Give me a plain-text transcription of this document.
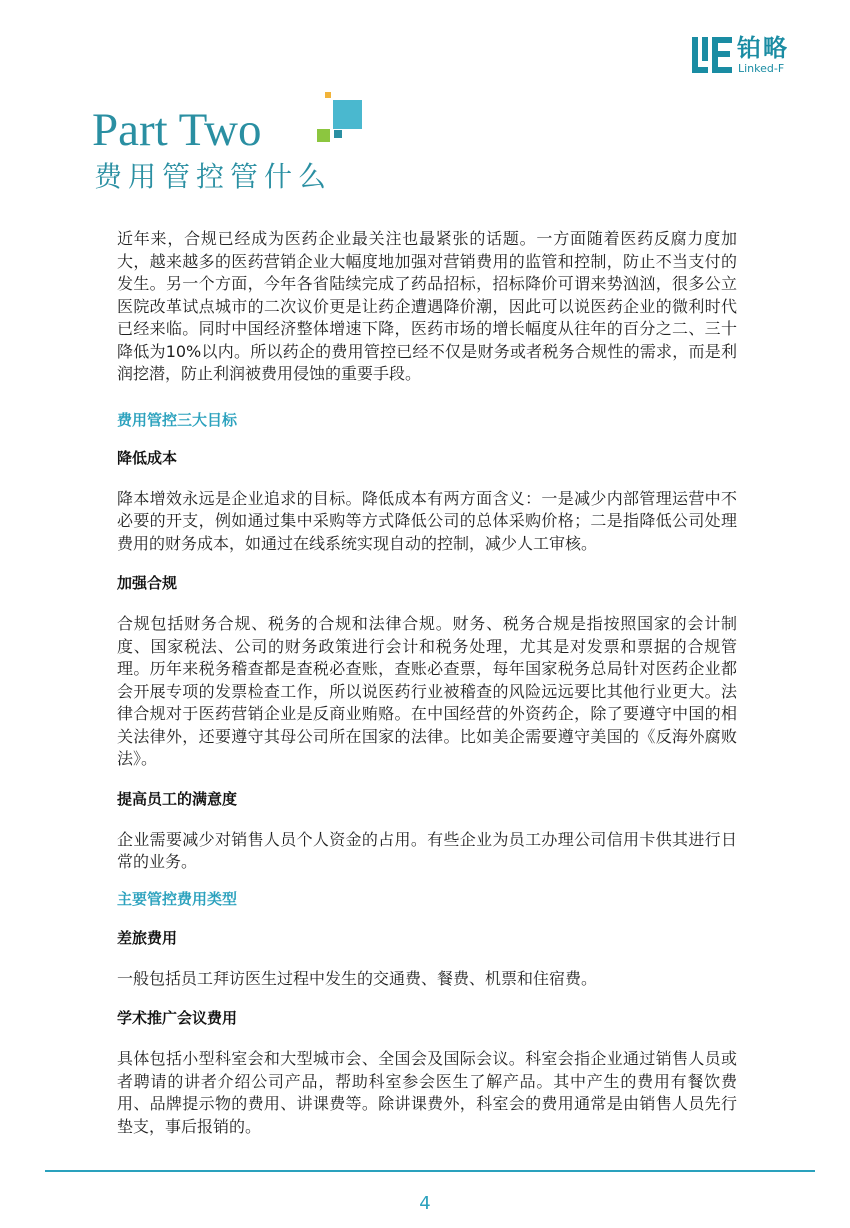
铂略
Linked-F
Part Two
费用管控管什么

近年来，合规已经成为医药企业最关注也最紧张的话题。一方面随着医药反腐力度加大，越来越多的医药营销企业大幅度地加强对营销费用的监管和控制，防止不当支付的发生。另一个方面，今年各省陆续完成了药品招标，招标降价可谓来势汹汹，很多公立医院改革试点城市的二次议价更是让药企遭遇降价潮，因此可以说医药企业的微利时代已经来临。同时中国经济整体增速下降，医药市场的增长幅度从往年的百分之二、三十降低为10%以内。所以药企的费用管控已经不仅是财务或者税务合规性的需求，而是利润挖潜，防止利润被费用侵蚀的重要手段。

费用管控三大目标

降低成本

降本增效永远是企业追求的目标。降低成本有两方面含义：一是减少内部管理运营中不必要的开支，例如通过集中采购等方式降低公司的总体采购价格；二是指降低公司处理费用的财务成本，如通过在线系统实现自动的控制，减少人工审核。

加强合规

合规包括财务合规、税务的合规和法律合规。财务、税务合规是指按照国家的会计制度、国家税法、公司的财务政策进行会计和税务处理，尤其是对发票和票据的合规管理。历年来税务稽查都是查税必查账，查账必查票，每年国家税务总局针对医药企业都会开展专项的发票检查工作，所以说医药行业被稽查的风险远远要比其他行业更大。法律合规对于医药营销企业是反商业贿赂。在中国经营的外资药企，除了要遵守中国的相关法律外，还要遵守其母公司所在国家的法律。比如美企需要遵守美国的《反海外腐败法》。

提高员工的满意度

企业需要减少对销售人员个人资金的占用。有些企业为员工办理公司信用卡供其进行日常的业务。

主要管控费用类型

差旅费用

一般包括员工拜访医生过程中发生的交通费、餐费、机票和住宿费。

学术推广会议费用

具体包括小型科室会和大型城市会、全国会及国际会议。科室会指企业通过销售人员或者聘请的讲者介绍公司产品，帮助科室参会医生了解产品。其中产生的费用有餐饮费用、品牌提示物的费用、讲课费等。除讲课费外，科室会的费用通常是由销售人员先行垫支，事后报销的。

4
